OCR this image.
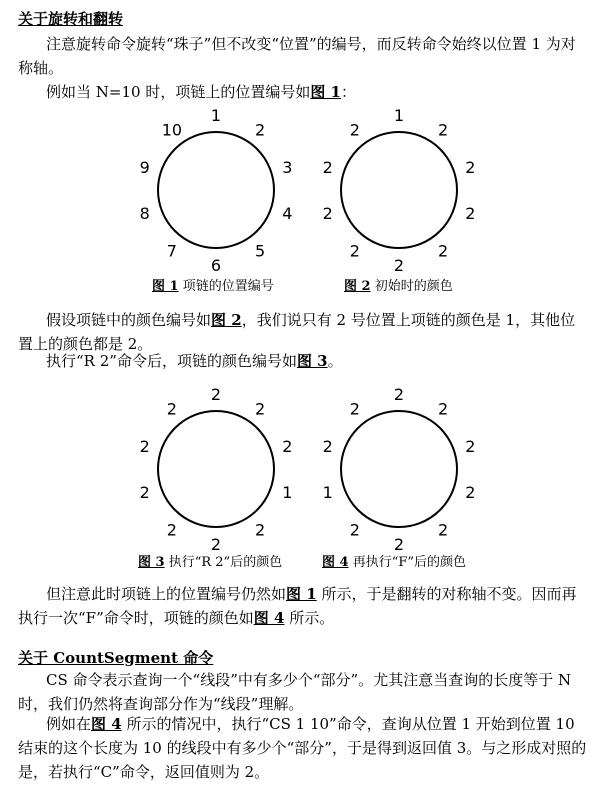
关于旋转和翻转
注意旋转命令旋转“珠子”但不改变“位置”的编号，而反转命令始终以位置 1 为对称轴。
例如当 N=10 时，项链上的位置编号如图 1：
1
2
3
4
5
6
7
8
9
10
1
2
2
2
2
2
2
2
2
2
2
2
2
1
2
2
2
2
2
2
2
2
2
2
2
2
2
1
2
2
图 1 项链的位置编号	图 2 初始时的颜色
假设项链中的颜色编号如图 2，我们说只有 2 号位置上项链的颜色是 1，其他位置上的颜色都是 2。
执行“R 2”命令后，项链的颜色编号如图 3。
图 3 执行“R 2”后的颜色	图 4 再执行“F”后的颜色
但注意此时项链上的位置编号仍然如图 1 所示，于是翻转的对称轴不变。因而再执行一次“F”命令时，项链的颜色如图 4 所示。
关于 CountSegment 命令
CS 命令表示查询一个“线段”中有多少个“部分”。尤其注意当查询的长度等于 N 时，我们仍然将查询部分作为“线段”理解。
例如在图 4 所示的情况中，执行“CS 1 10”命令，查询从位置 1 开始到位置 10 结束的这个长度为 10 的线段中有多少个“部分”，于是得到返回值 3。与之形成对照的是，若执行“C”命令，返回值则为 2。
